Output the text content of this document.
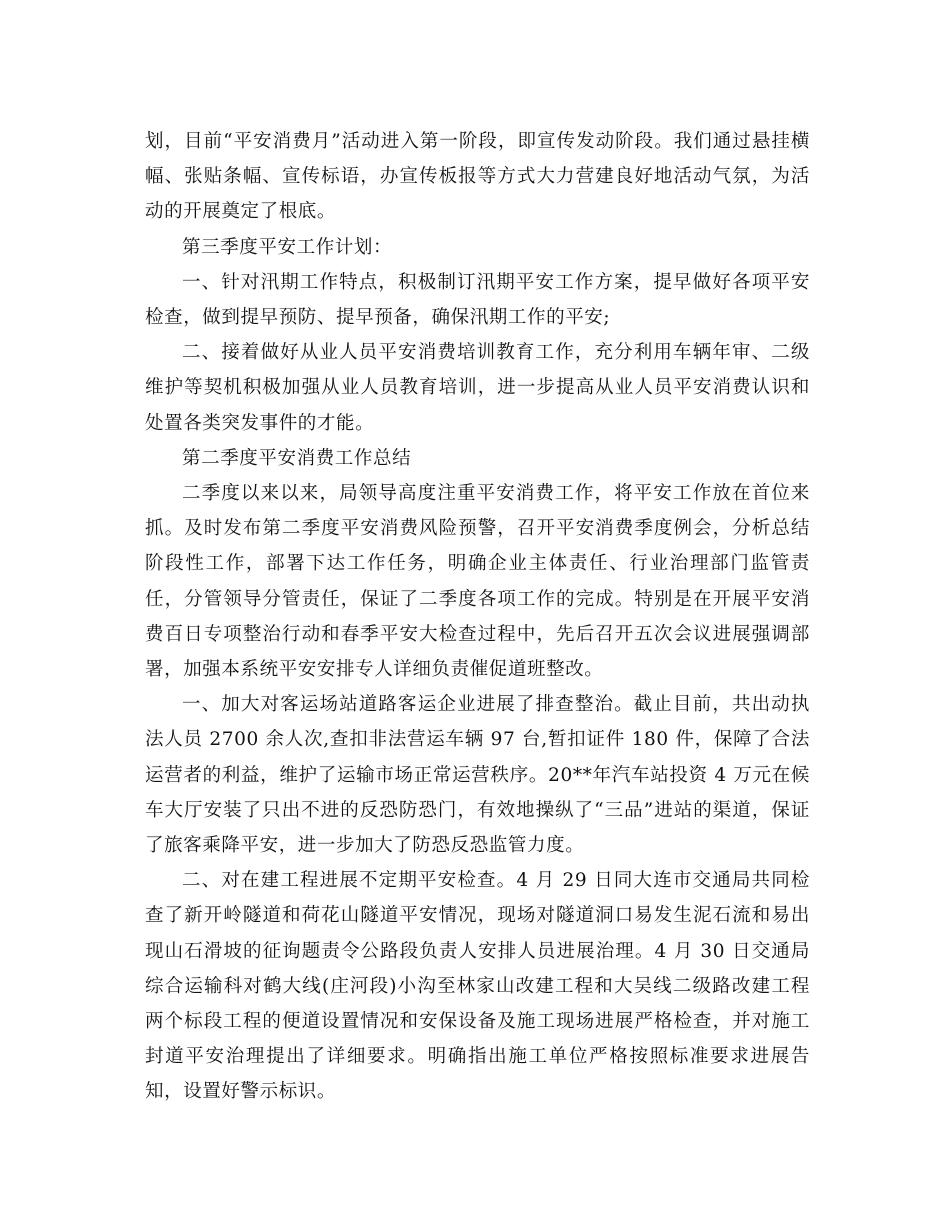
划，目前“平安消费月”活动进入第一阶段，即宣传发动阶段。我们通过悬挂横幅、张贴条幅、宣传标语，办宣传板报等方式大力营建良好地活动气氛，为活动的开展奠定了根底。

第三季度平安工作计划：

一、针对汛期工作特点，积极制订汛期平安工作方案，提早做好各项平安检查，做到提早预防、提早预备，确保汛期工作的平安;

二、接着做好从业人员平安消费培训教育工作，充分利用车辆年审、二级维护等契机积极加强从业人员教育培训，进一步提高从业人员平安消费认识和处置各类突发事件的才能。

第二季度平安消费工作总结

二季度以来以来，局领导高度注重平安消费工作，将平安工作放在首位来抓。及时发布第二季度平安消费风险预警，召开平安消费季度例会，分析总结阶段性工作，部署下达工作任务，明确企业主体责任、行业治理部门监管责任，分管领导分管责任，保证了二季度各项工作的完成。特别是在开展平安消费百日专项整治行动和春季平安大检查过程中，先后召开五次会议进展强调部署，加强本系统平安安排专人详细负责催促道班整改。

一、加大对客运场站道路客运企业进展了排查整治。截止目前，共出动执法人员 2700 余人次,查扣非法营运车辆 97 台,暂扣证件 180 件，保障了合法运营者的利益，维护了运输市场正常运营秩序。20**年汽车站投资 4 万元在候车大厅安装了只出不进的反恐防恐门，有效地操纵了“三品”进站的渠道，保证了旅客乘降平安，进一步加大了防恐反恐监管力度。

二、对在建工程进展不定期平安检查。4 月 29 日同大连市交通局共同检查了新开岭隧道和荷花山隧道平安情况，现场对隧道洞口易发生泥石流和易出现山石滑坡的征询题责令公路段负责人安排人员进展治理。4 月 30 日交通局综合运输科对鹤大线(庄河段)小沟至林家山改建工程和大吴线二级路改建工程两个标段工程的便道设置情况和安保设备及施工现场进展严格检查，并对施工封道平安治理提出了详细要求。明确指出施工单位严格按照标准要求进展告知，设置好警示标识。
